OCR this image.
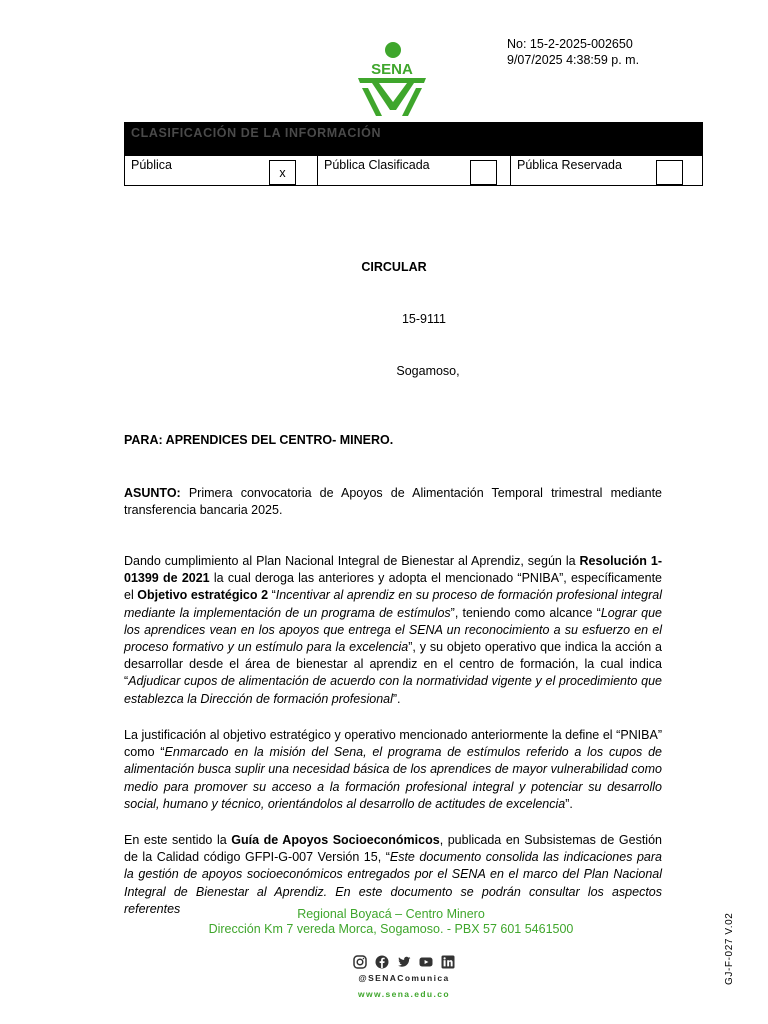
No: 15-2-2025-002650
9/07/2025 4:38:59 p. m.
SENA
CLASIFICACIÓN DE LA INFORMACIÓN
Pública
x
Pública Clasificada	Pública Reservada
CIRCULAR
15-9111
Sogamoso,
PARA: APRENDICES DEL CENTRO- MINERO.
ASUNTO: Primera convocatoria de Apoyos de Alimentación Temporal trimestral mediante transferencia bancaria 2025.
Dando cumplimiento al Plan Nacional Integral de Bienestar al Aprendiz, según la Resolución 1-01399 de 2021 la cual deroga las anteriores y adopta el mencionado “PNIBA”, específicamente el Objetivo estratégico 2 “Incentivar al aprendiz en su proceso de formación profesional integral mediante la implementación de un programa de estímulos”, teniendo como alcance “Lograr que los aprendices vean en los apoyos que entrega el SENA un reconocimiento a su esfuerzo en el proceso formativo y un estímulo para la excelencia”, y su objeto operativo que indica la acción a desarrollar desde el área de bienestar al aprendiz en el centro de formación, la cual indica “Adjudicar cupos de alimentación de acuerdo con la normatividad vigente y el procedimiento que establezca la Dirección de formación profesional”.
La justificación al objetivo estratégico y operativo mencionado anteriormente la define el “PNIBA” como “Enmarcado en la misión del Sena, el programa de estímulos referido a los cupos de alimentación busca suplir una necesidad básica de los aprendices de mayor vulnerabilidad como medio para promover su acceso a la formación profesional integral y potenciar su desarrollo social, humano y técnico, orientándolos al desarrollo de actitudes de excelencia”.
En este sentido la Guía de Apoyos Socioeconómicos, publicada en Subsistemas de Gestión de la Calidad código GFPI-G-007 Versión 15, “Este documento consolida las indicaciones para la gestión de apoyos socioeconómicos entregados por el SENA en el marco del Plan Nacional Integral de Bienestar al Aprendiz. En este documento se podrán consultar los aspectos referentes	Regional Boyacá – Centro Minero
Dirección Km 7 vereda Morca, Sogamoso. - PBX 57 601 5461500
@SENAComunica
www.sena.edu.co
GJ-F-027 V.02
